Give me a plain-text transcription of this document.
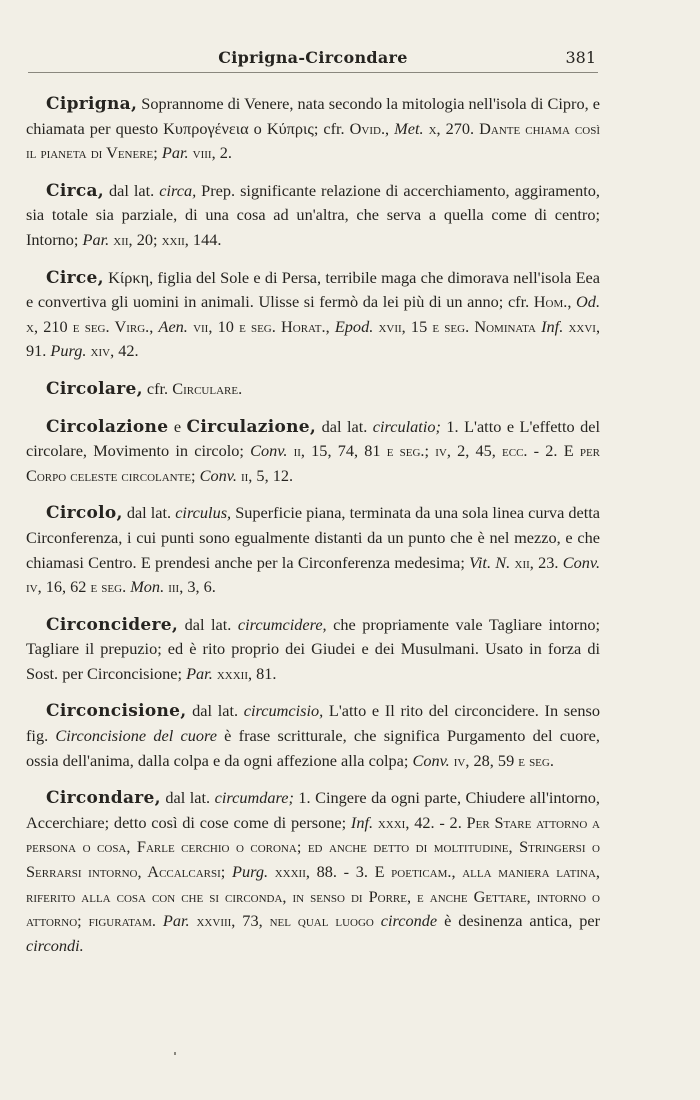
Ciprigna-Circondare	381

Ciprigna, Soprannome di Venere, nata secondo la mitologia nell'isola di Cipro, e chiamata per questo Κυπρογένεια o Κύπρις; cfr. Ovid., Met. x, 270. Dante chiama così il pianeta di Venere; Par. viii, 2.

Circa, dal lat. circa, Prep. significante relazione di accerchiamento, aggiramento, sia totale sia parziale, di una cosa ad un'altra, che serva a quella come di centro; Intorno; Par. xii, 20; xxii, 144.

Circe, Κίρκη, figlia del Sole e di Persa, terribile maga che dimorava nell'isola Eea e convertiva gli uomini in animali. Ulisse si fermò da lei più di un anno; cfr. Hom., Od. x, 210 e seg. Virg., Aen. vii, 10 e seg. Horat., Epod. xvii, 15 e seg. Nominata Inf. xxvi, 91. Purg. xiv, 42.

Circolare, cfr. Circulare.

Circolazione e Circulazione, dal lat. circulatio; 1. L'atto e L'effetto del circolare, Movimento in circolo; Conv. ii, 15, 74, 81 e seg.; iv, 2, 45, ecc. - 2. E per Corpo celeste circolante; Conv. ii, 5, 12.

Circolo, dal lat. circulus, Superficie piana, terminata da una sola linea curva detta Circonferenza, i cui punti sono egualmente distanti da un punto che è nel mezzo, e che chiamasi Centro. E prendesi anche per la Circonferenza medesima; Vit. N. xii, 23. Conv. iv, 16, 62 e seg. Mon. iii, 3, 6.

Circoncidere, dal lat. circumcidere, che propriamente vale Tagliare intorno; Tagliare il prepuzio; ed è rito proprio dei Giudei e dei Musulmani. Usato in forza di Sost. per Circoncisione; Par. xxxii, 81.

Circoncisione, dal lat. circumcisio, L'atto e Il rito del circoncidere. In senso fig. Circoncisione del cuore è frase scritturale, che significa Purgamento del cuore, ossia dell'anima, dalla colpa e da ogni affezione alla colpa; Conv. iv, 28, 59 e seg.

Circondare, dal lat. circumdare; 1. Cingere da ogni parte, Chiudere all'intorno, Accerchiare; detto così di cose come di persone; Inf. xxxi, 42. - 2. Per Stare attorno a persona o cosa, Farle cerchio o corona; ed anche detto di moltitudine, Stringersi o Serrarsi intorno, Accalcarsi; Purg. xxxii, 88. - 3. E poeticam., alla maniera latina, riferito alla cosa con che si circonda, in senso di Porre, e anche Gettare, intorno o attorno; figuratam. Par. xxviii, 73, nel qual luogo circonde è desinenza antica, per circondi.
